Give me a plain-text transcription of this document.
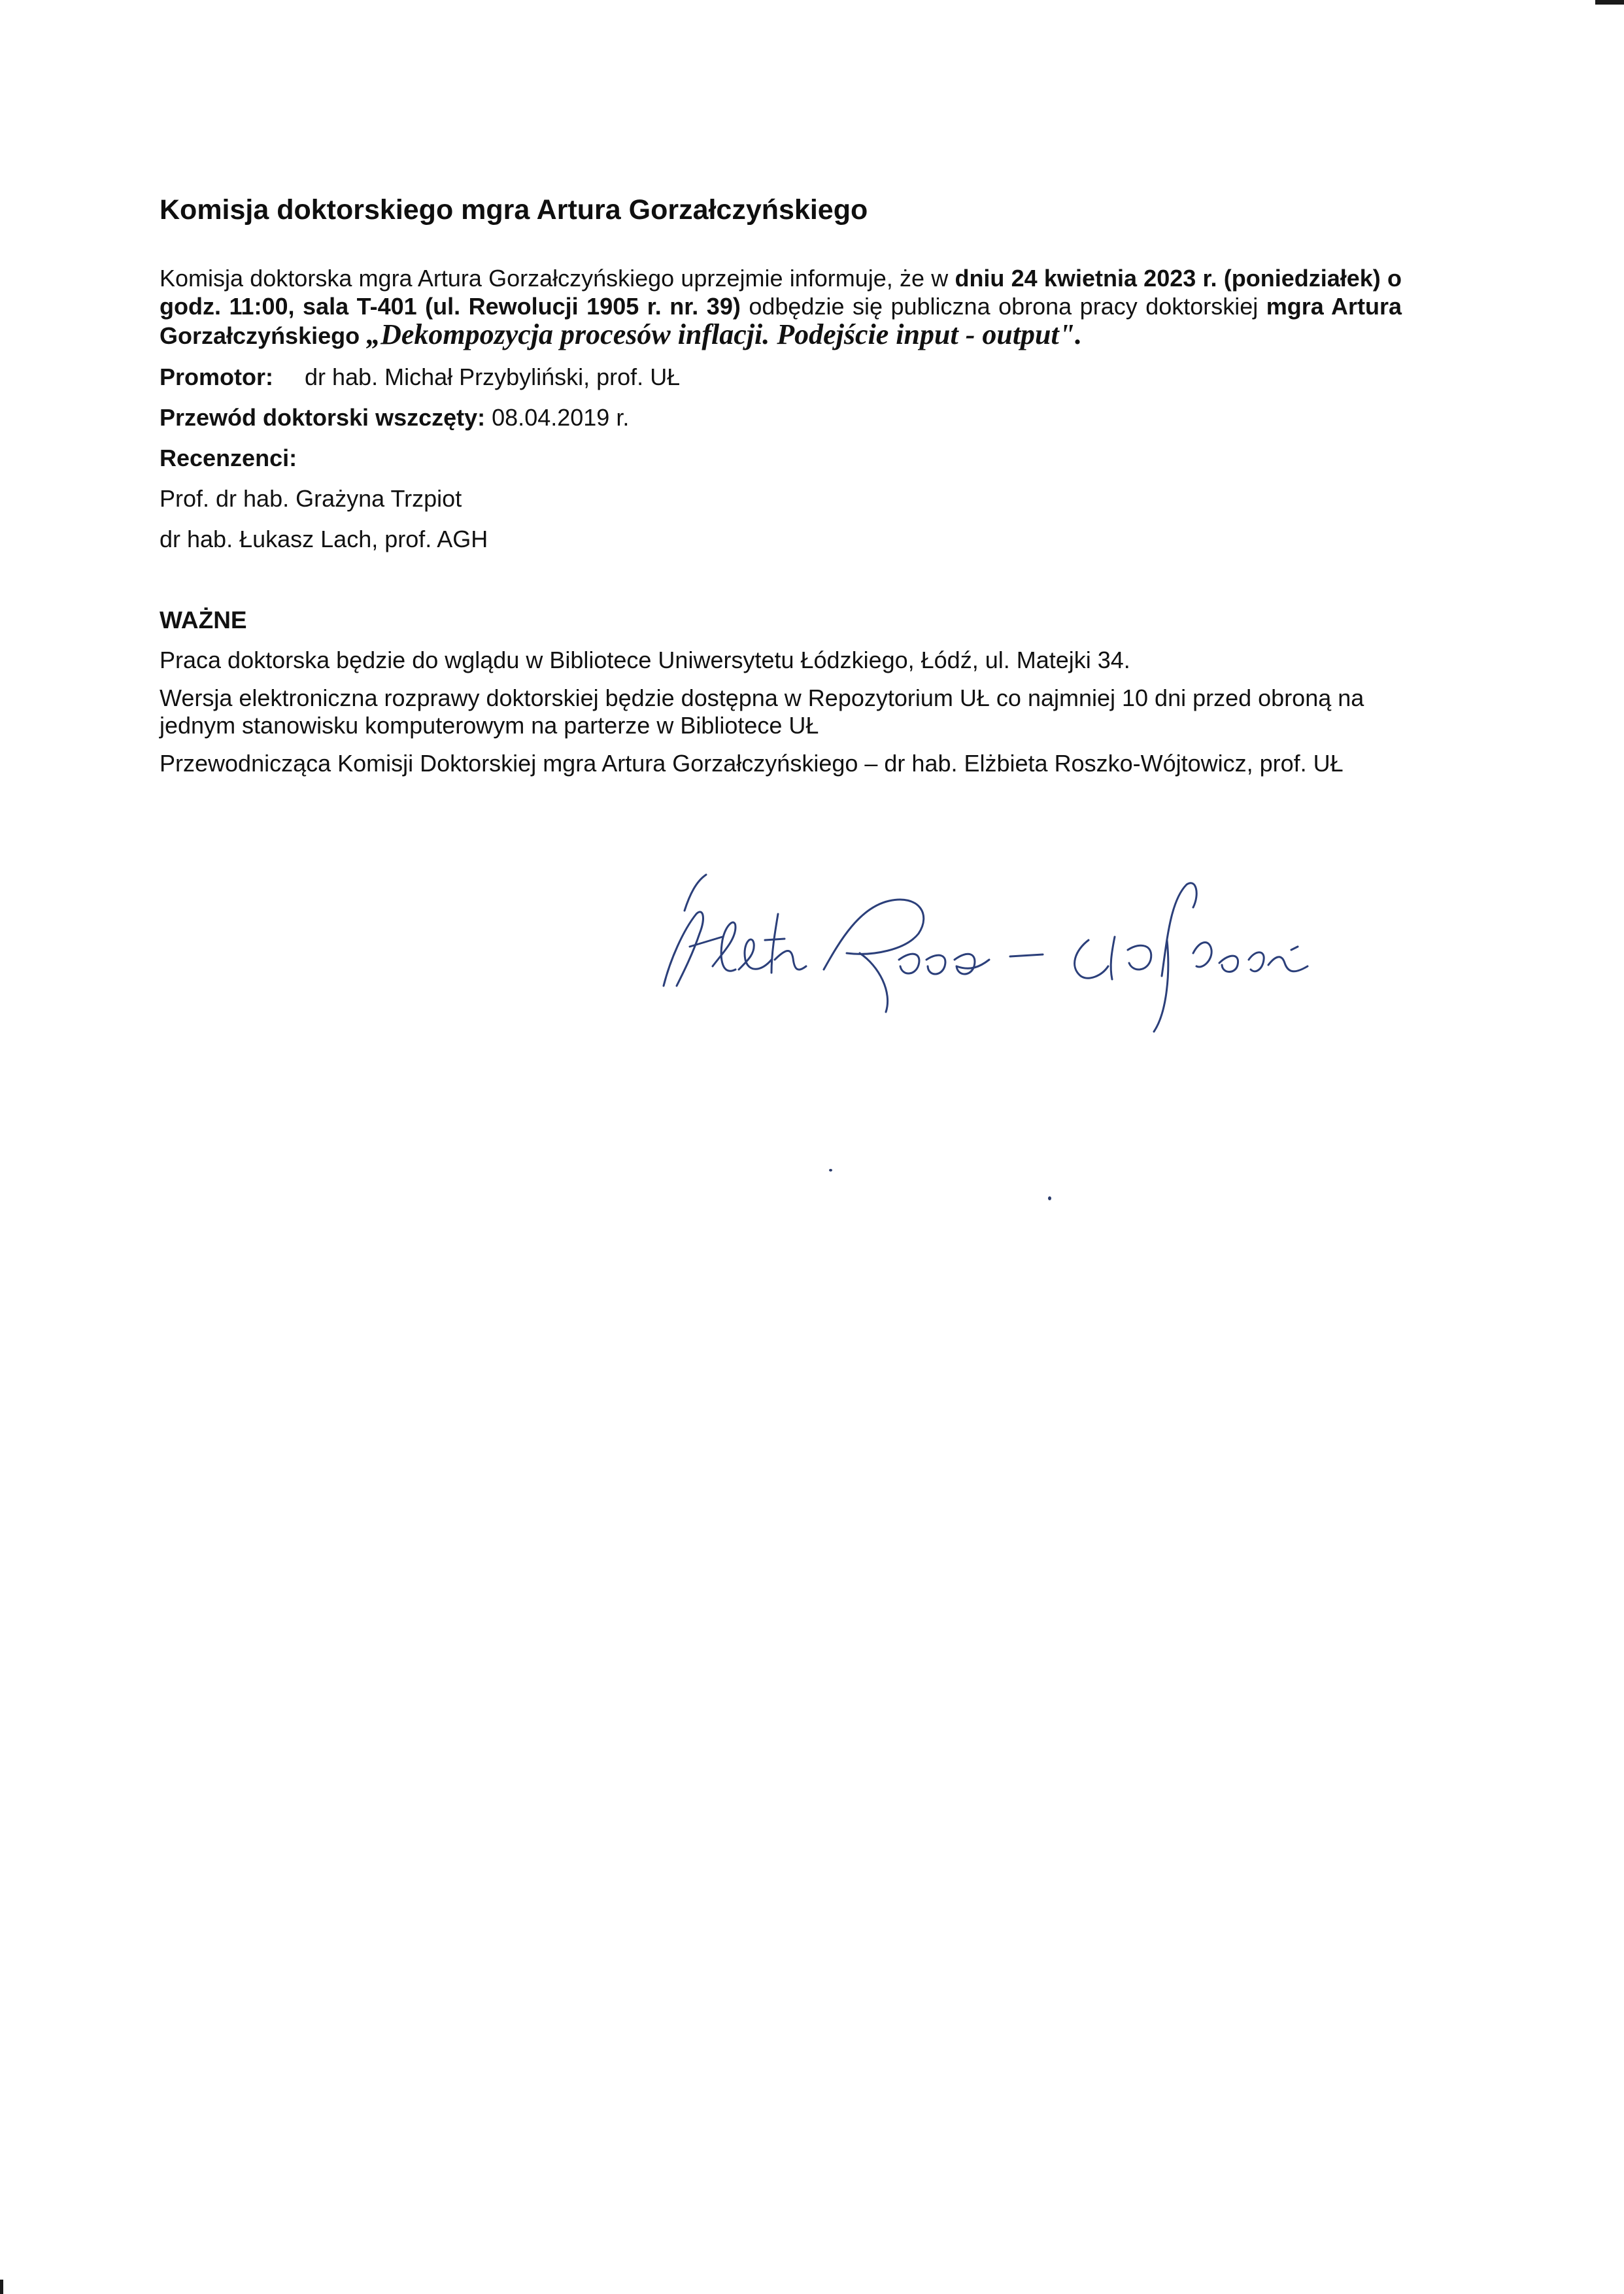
Komisja doktorskiego mgra Artura Gorzałczyńskiego

Komisja doktorska mgra Artura Gorzałczyńskiego uprzejmie informuje, że w dniu 24 kwietnia 2023 r. (poniedziałek) o godz. 11:00, sala T-401 (ul. Rewolucji 1905 r. nr. 39) odbędzie się publiczna obrona pracy doktorskiej mgra Artura Gorzałczyńskiego „Dekompozycja procesów inflacji. Podejście input - output".

Promotor: dr hab. Michał Przybyliński, prof. UŁ

Przewód doktorski wszczęty: 08.04.2019 r.

Recenzenci:

Prof. dr hab. Grażyna Trzpiot

dr hab. Łukasz Lach, prof. AGH

WAŻNE

Praca doktorska będzie do wglądu w Bibliotece Uniwersytetu Łódzkiego, Łódź, ul. Matejki 34.

Wersja elektroniczna rozprawy doktorskiej będzie dostępna w Repozytorium UŁ co najmniej 10 dni przed obroną na jednym stanowisku komputerowym na parterze w Bibliotece UŁ

Przewodnicząca Komisji Doktorskiej mgra Artura Gorzałczyńskiego – dr hab. Elżbieta Roszko-Wójtowicz, prof. UŁ
